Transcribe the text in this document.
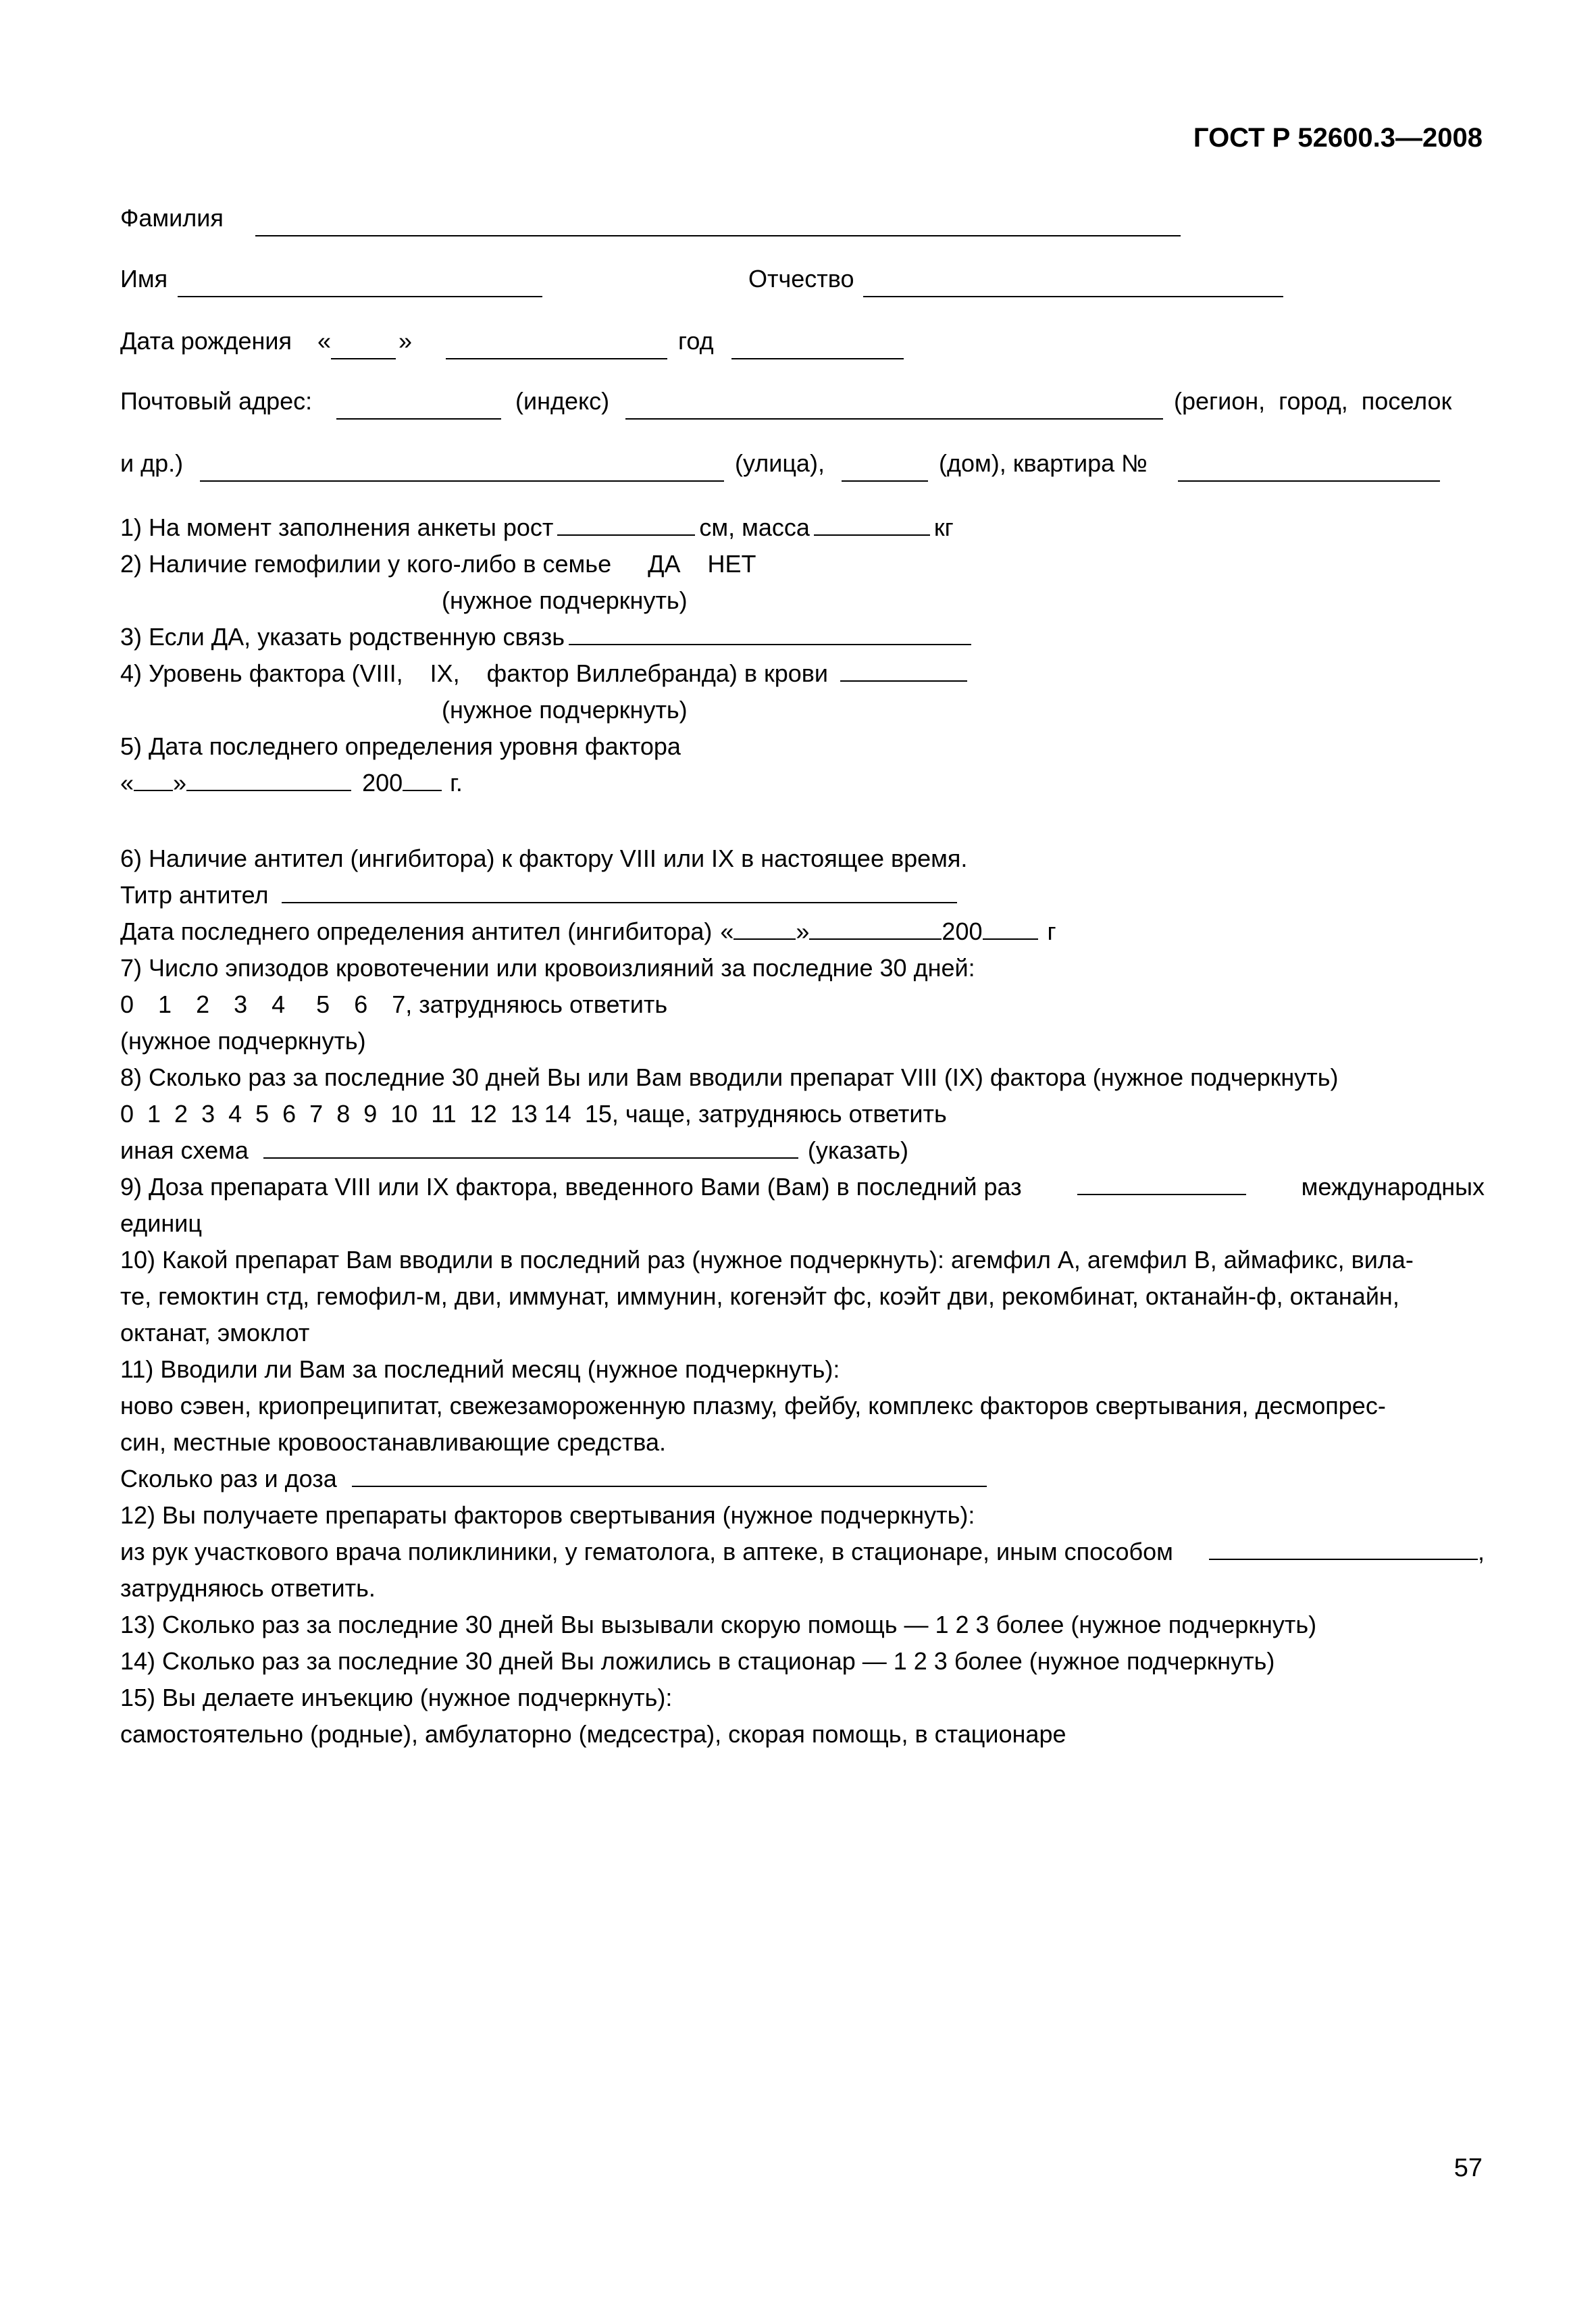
ГОСТ Р 52600.3—2008
Фамилия
Имя	Отчество
Дата рождения «	»	год
Почтовый адрес:	(индекс)	(регион, город, поселок
и др.)	(улица),	(дом), квартира №
1) На момент заполнения анкеты рост	см, масса	кг
2) Наличие гемофилии у кого-либо в семье ДА НЕТ
(нужное подчеркнуть)
3) Если ДА, указать родственную связь
4) Уровень фактора (VIII, IX, фактор Виллебранда) в крови
(нужное подчеркнуть)
5) Дата последнего определения уровня фактора
« »	200 г.
6) Наличие антител (ингибитора) к фактору VIII или IX в настоящее время.
Титр антител
Дата последнего определения антител (ингибитора) «	»	200	г
7) Число эпизодов кровотечении или кровоизлияний за последние 30 дней:
0 1 2 3 4 5 6 7, затрудняюсь ответить
(нужное подчеркнуть)
8) Сколько раз за последние 30 дней Вы или Вам вводили препарат VIII (IX) фактора (нужное подчеркнуть)
0  1  2  3  4  5  6  7  8  9  10  11  12  13 14  15, чаще, затрудняюсь ответить
иная схема	(указать)
9) Доза препарата VIII или IX фактора, введенного Вами (Вам) в последний раз	международных
единиц
10) Какой препарат Вам вводили в последний раз (нужное подчеркнуть): агемфил А, агемфил В, аймафикс, вила-
те, гемоктин стд, гемофил-м, дви, иммунат, иммунин, когенэйт фс, коэйт дви, рекомбинат, октанайн-ф, октанайн,
октанат, эмоклот
11) Вводили ли Вам за последний месяц (нужное подчеркнуть):
ново сэвен, криопреципитат, свежезамороженную плазму, фейбу, комплекс факторов свертывания, десмопрес-
син, местные кровоостанавливающие средства.
Сколько раз и доза
12) Вы получаете препараты факторов свертывания (нужное подчеркнуть):
из рук участкового врача поликлиники, у гематолога, в аптеке, в стационаре, иным способом	,
затрудняюсь ответить.
13) Сколько раз за последние 30 дней Вы вызывали скорую помощь — 1 2 3 более (нужное подчеркнуть)
14) Сколько раз за последние 30 дней Вы ложились в стационар — 1 2 3 более (нужное подчеркнуть)
15) Вы делаете инъекцию (нужное подчеркнуть):
самостоятельно (родные), амбулаторно (медсестра), скорая помощь, в стационаре
57
